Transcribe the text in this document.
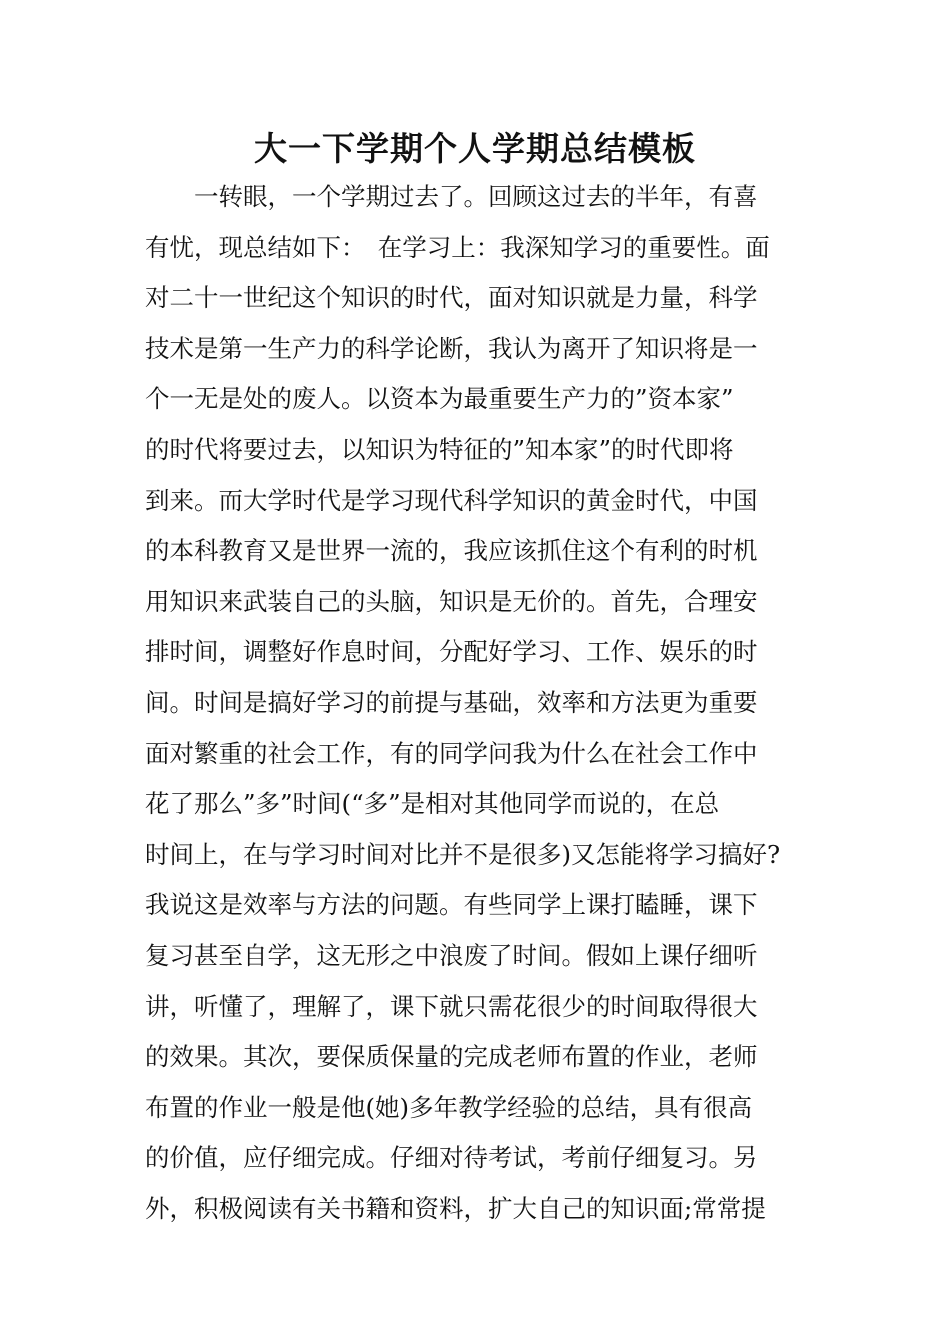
大一下学期个人学期总结模板
　　一转眼，一个学期过去了。回顾这过去的半年，有喜
有忧，现总结如下：　在学习上：我深知学习的重要性。面
对二十一世纪这个知识的时代，面对知识就是力量，科学
技术是第一生产力的科学论断，我认为离开了知识将是一
个一无是处的废人。以资本为最重要生产力的”资本家”
的时代将要过去，以知识为特征的”知本家”的时代即将
到来。而大学时代是学习现代科学知识的黄金时代，中国
的本科教育又是世界一流的，我应该抓住这个有利的时机
用知识来武装自己的头脑，知识是无价的。首先，合理安
排时间，调整好作息时间，分配好学习、工作、娱乐的时
间。时间是搞好学习的前提与基础，效率和方法更为重要
面对繁重的社会工作，有的同学问我为什么在社会工作中
花了那么”多”时间(“多”是相对其他同学而说的，在总
时间上，在与学习时间对比并不是很多)又怎能将学习搞好?
我说这是效率与方法的问题。有些同学上课打瞌睡，课下
复习甚至自学，这无形之中浪废了时间。假如上课仔细听
讲，听懂了，理解了，课下就只需花很少的时间取得很大
的效果。其次，要保质保量的完成老师布置的作业，老师
布置的作业一般是他(她)多年教学经验的总结，具有很高
的价值，应仔细完成。仔细对待考试，考前仔细复习。另
外，积极阅读有关书籍和资料，扩大自己的知识面;常常提
